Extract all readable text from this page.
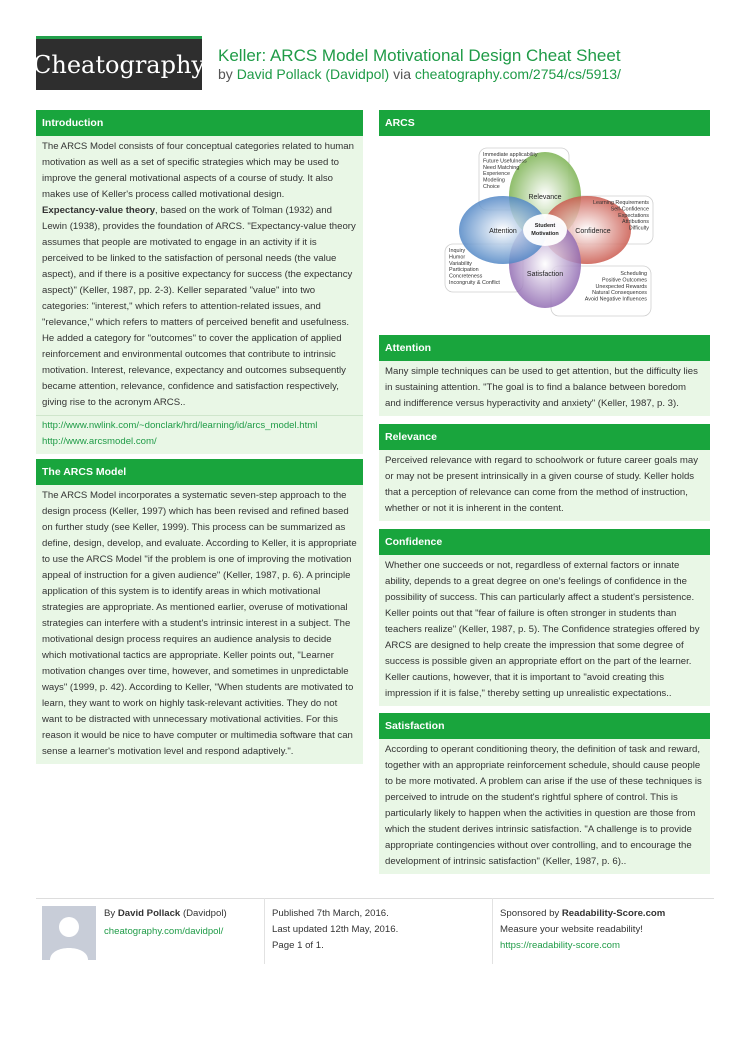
Cheatography Keller: ARCS Model Motivational Design Cheat Sheet
by David Pollack (Davidpol) via cheatography.com/2754/cs/5913/
Introduction

The ARCS Model consists of four conceptual categories related to human motivation as well as a set of specific strategies which may be used to improve the general motivational aspects of a course of study. It also makes use of Keller's process called motivational design.

Expectancy-value theory, based on the work of Tolman (1932) and Lewin (1938), provides the foundation of ARCS. "Expectancy-value theory assumes that people are motivated to engage in an activity if it is perceived to be linked to the satisfaction of personal needs (the value aspect), and if there is a positive expectancy for success (the expectancy aspect)" (Keller, 1987, pp. 2-3). Keller separated "value" into two categories: "interest," which refers to attention-related issues, and "relevance," which refers to matters of perceived benefit and usefulness. He added a category for "outcomes" to cover the application of applied reinforcement and environmental outcomes that contribute to intrinsic motivation. Interest, relevance, expectancy and outcomes subsequently became attention, relevance, confidence and satisfaction respectively, giving rise to the acronym ARCS..

http://www.nwlink.com/~donclark/hrd/learning/id/arcs_model.html
http://www.arcsmodel.com/
The ARCS Model

The ARCS Model incorporates a systematic seven-step approach to the design process (Keller, 1997) which has been revised and refined based on further study (see Keller, 1999). This process can be summarized as define, design, develop, and evaluate. According to Keller, it is appropriate to use the ARCS Model "if the problem is one of improving the motivation appeal of instruction for a given audience" (Keller, 1987, p. 6). A principle application of this system is to identify areas in which motivational strategies are appropriate. As mentioned earlier, overuse of motivational strategies can interfere with a student's intrinsic interest in a subject. The motivational design process requires an audience analysis to decide which motivational tactics are appropriate. Keller points out, "Learner motivation changes over time, however, and sometimes in unpredictable ways" (1999, p. 42). According to Keller, "When students are motivated to learn, they want to work on highly task-relevant activities. They do not want to be distracted with unnecessary motivational activities. For this reason it would be nice to have computer or multimedia software that can sense a learner's motivation level and respond adaptively.".

ARCS
Immediate applicability
Future Usefulness
Need Matching
Experience
Modeling
Choice
Learning Requirements
Self-Confidence
Expectations
Attributions
Difficulty
Inquiry
Humor
Variability
Participation
Concreteness
Incongruity & Conflict
Scheduling
Positive Outcomes
Unexpected Rewards
Natural Consequences
Avoid Negative Influences
Relevance
Attention	Confidence
Satisfaction
Student
Motivation
Attention
Many simple techniques can be used to get attention, but the difficulty lies in sustaining attention. "The goal is to find a balance between boredom and indifference versus hyperactivity and anxiety" (Keller, 1987, p. 3).
Relevance
Perceived relevance with regard to schoolwork or future career goals may or may not be present intrinsically in a given course of study. Keller holds that a perception of relevance can come from the method of instruction, whether or not it is inherent in the content.
Confidence
Whether one succeeds or not, regardless of external factors or innate ability, depends to a great degree on one's feelings of confidence in the possibility of success. This can particularly affect a student's persistence. Keller points out that "fear of failure is often stronger in students than teachers realize" (Keller, 1987, p. 5). The Confidence strategies offered by ARCS are designed to help create the impression that some degree of success is possible given an appropriate effort on the part of the learner. Keller cautions, however, that it is important to "avoid creating this impression if it is false," thereby setting up unrealistic expectations..
Satisfaction
According to operant conditioning theory, the definition of task and reward, together with an appropriate reinforcement schedule, should cause people to be more motivated. A problem can arise if the use of these techniques is perceived to intrude on the student's rightful sphere of control. This is particularly likely to happen when the activities in question are those from which the student derives intrinsic satisfaction. "A challenge is to provide appropriate contingencies without over controlling, and to encourage the development of intrinsic satisfaction" (Keller, 1987, p. 6)..
By David Pollack (Davidpol)
cheatography.com/davidpol/
Published 7th March, 2016.
Last updated 12th May, 2016.
Page 1 of 1.
Sponsored by Readability-Score.com
Measure your website readability!
https://readability-score.com
